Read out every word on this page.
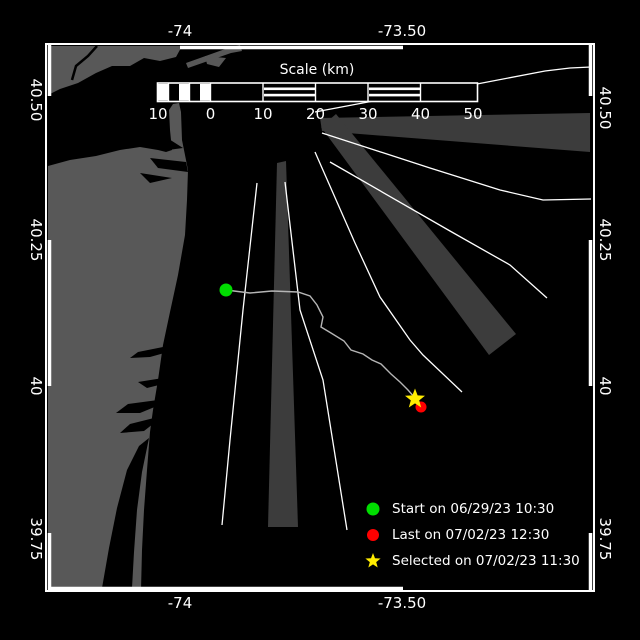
-74	-73.50
-74	-73.50
40.50
40.25
40
39.75
40.50
40.25
40
39.75
Scale (km)
10	0	10 20 30 40 50
Start on 06/29/23 10:30
Last on 07/02/23 12:30
Selected on 07/02/23 11:30
